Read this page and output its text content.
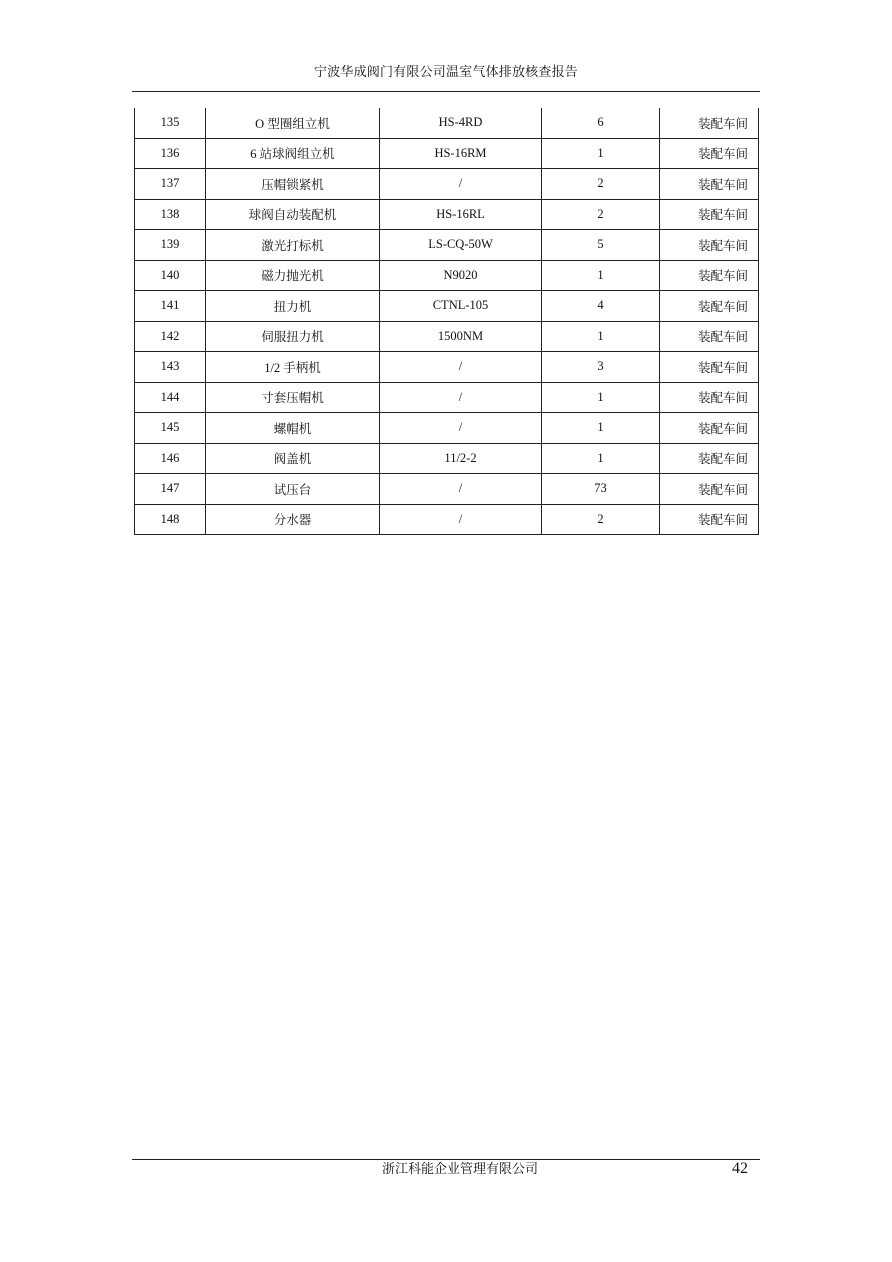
宁波华成阀门有限公司温室气体排放核查报告
135	O 型圈组立机	HS-4RD	6	装配车间
136	6 站球阀组立机	HS-16RM	1	装配车间
137	压帽锁紧机	/	2	装配车间
138	球阀自动装配机	HS-16RL	2	装配车间
139	激光打标机	LS-CQ-50W	5	装配车间
140	磁力抛光机	N9020	1	装配车间
141	扭力机	CTNL-105	4	装配车间
142	伺服扭力机	1500NM	1	装配车间
143	1/2 手柄机	/	3	装配车间
144	寸套压帽机	/	1	装配车间
145	螺帽机	/	1	装配车间
146	阀盖机	11/2-2	1	装配车间
147	试压台	/	73	装配车间
148	分水器	/	2	装配车间
浙江科能企业管理有限公司	42
